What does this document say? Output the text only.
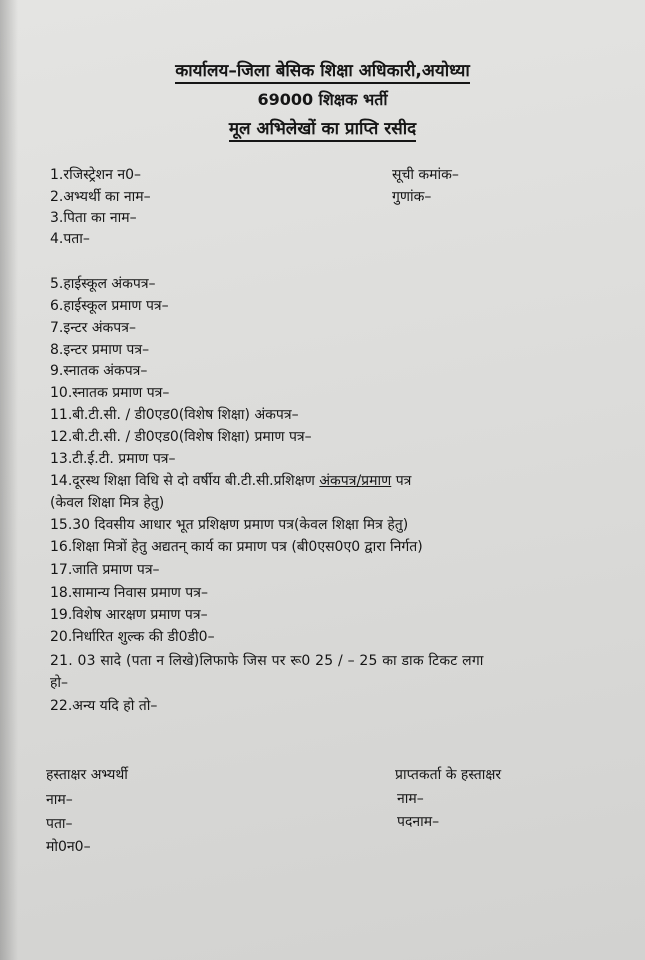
कार्यालय–जिला बेसिक शिक्षा अधिकारी,अयोध्या
69000 शिक्षक भर्ती
मूल अभिलेखों का प्राप्ति रसीद
सूची कमांक–
गुणांक–
1.रजिस्ट्रेशन न0–
2.अभ्यर्थी का नाम–
3.पिता का नाम–
4.पता–
5.हाईस्कूल अंकपत्र–
6.हाईस्कूल प्रमाण पत्र–
7.इन्टर अंकपत्र–
8.इन्टर प्रमाण पत्र–
9.स्नातक अंकपत्र–
10.स्नातक प्रमाण पत्र–
11.बी.टी.सी. / डी0एड0(विशेष शिक्षा) अंकपत्र–
12.बी.टी.सी. / डी0एड0(विशेष शिक्षा) प्रमाण पत्र–
13.टी.ई.टी. प्रमाण पत्र–
14.दूरस्थ शिक्षा विधि से दो वर्षीय बी.टी.सी.प्रशिक्षण अंकपत्र/प्रमाण पत्र
(केवल शिक्षा मित्र हेतु)
15.30 दिवसीय आधार भूत प्रशिक्षण प्रमाण पत्र(केवल शिक्षा मित्र हेतु)
16.शिक्षा मित्रों हेतु अद्यतन् कार्य का प्रमाण पत्र (बी0एस0ए0 द्वारा निर्गत)
17.जाति प्रमाण पत्र–
18.सामान्य निवास प्रमाण पत्र–
19.विशेष आरक्षण प्रमाण पत्र–
20.निर्धारित शुल्क की डी0डी0–
21. 03 सादे (पता न लिखे)लिफाफे जिस पर रू0 25 / – 25 का डाक टिकट लगा
हो–
22.अन्य यदि हो तो–
हस्ताक्षर अभ्यर्थी
नाम–
पता–
मो0न0–
प्राप्तकर्ता के हस्ताक्षर
नाम–
पदनाम–
